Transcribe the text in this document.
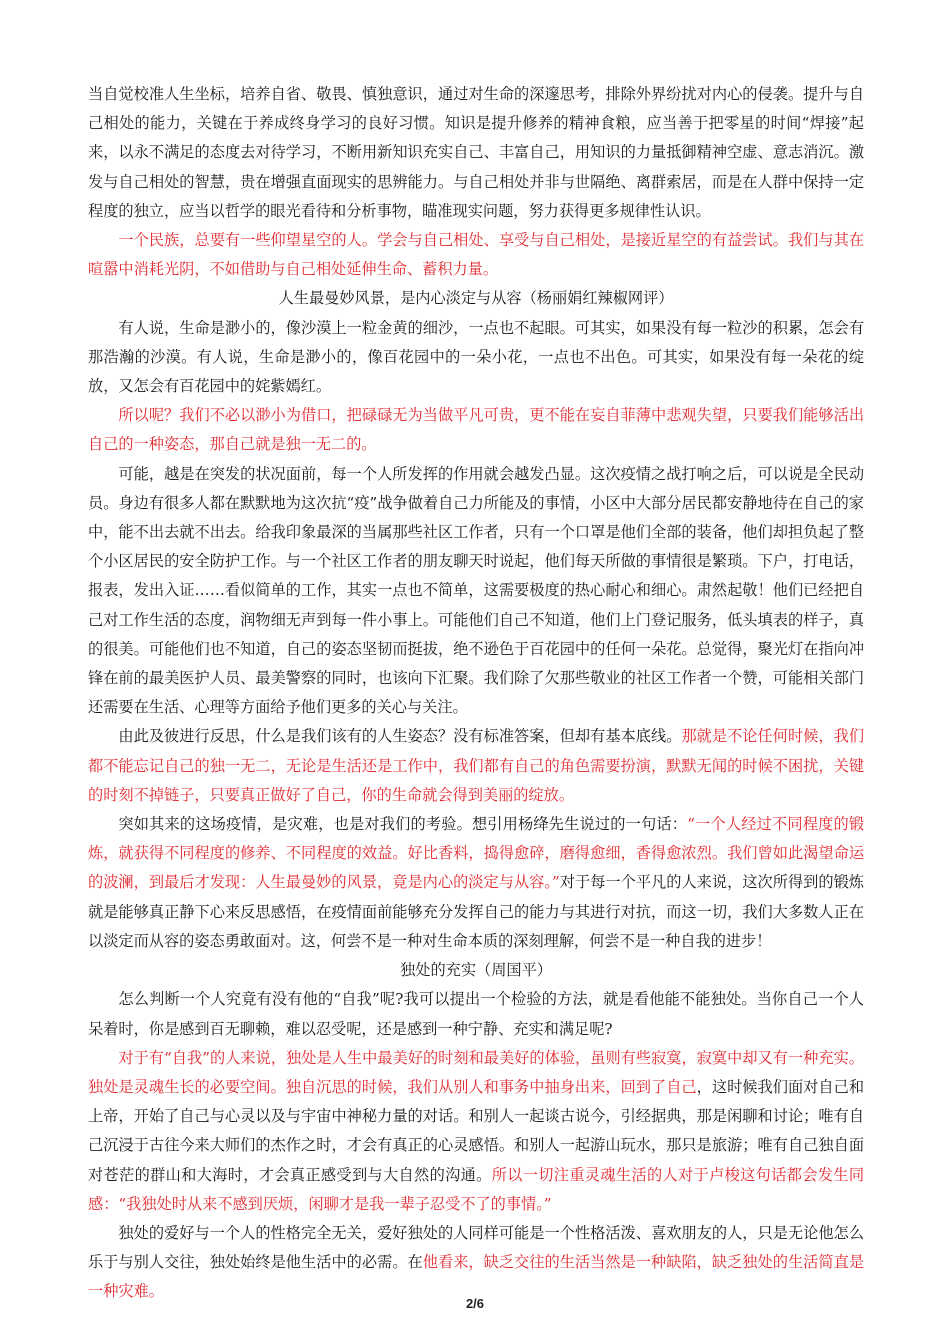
当自觉校准人生坐标，培养自省、敬畏、慎独意识，通过对生命的深邃思考，排除外界纷扰对内心的侵袭。提升与自己相处的能力，关键在于养成终身学习的良好习惯。知识是提升修养的精神食粮，应当善于把零星的时间“焊接”起来，以永不满足的态度去对待学习，不断用新知识充实自己、丰富自己，用知识的力量抵御精神空虚、意志消沉。激发与自己相处的智慧，贵在增强直面现实的思辨能力。与自己相处并非与世隔绝、离群索居，而是在人群中保持一定程度的独立，应当以哲学的眼光看待和分析事物，瞄准现实问题，努力获得更多规律性认识。

一个民族，总要有一些仰望星空的人。学会与自己相处、享受与自己相处，是接近星空的有益尝试。我们与其在喧嚣中消耗光阴，不如借助与自己相处延伸生命、蓄积力量。

人生最曼妙风景，是内心淡定与从容（杨丽娟红辣椒网评）

有人说，生命是渺小的，像沙漠上一粒金黄的细沙，一点也不起眼。可其实，如果没有每一粒沙的积累，怎会有那浩瀚的沙漠。有人说，生命是渺小的，像百花园中的一朵小花，一点也不出色。可其实，如果没有每一朵花的绽放，又怎会有百花园中的姹紫嫣红。

所以呢？我们不必以渺小为借口，把碌碌无为当做平凡可贵，更不能在妄自菲薄中悲观失望，只要我们能够活出自己的一种姿态，那自己就是独一无二的。

可能，越是在突发的状况面前，每一个人所发挥的作用就会越发凸显。这次疫情之战打响之后，可以说是全民动员。身边有很多人都在默默地为这次抗“疫”战争做着自己力所能及的事情，小区中大部分居民都安静地待在自己的家中，能不出去就不出去。给我印象最深的当属那些社区工作者，只有一个口罩是他们全部的装备，他们却担负起了整个小区居民的安全防护工作。与一个社区工作者的朋友聊天时说起，他们每天所做的事情很是繁琐。下户，打电话，报表，发出入证……看似简单的工作，其实一点也不简单，这需要极度的热心耐心和细心。肃然起敬！他们已经把自己对工作生活的态度，润物细无声到每一件小事上。可能他们自己不知道，他们上门登记服务，低头填表的样子，真的很美。可能他们也不知道，自己的姿态坚韧而挺拔，绝不逊色于百花园中的任何一朵花。总觉得，聚光灯在指向冲锋在前的最美医护人员、最美警察的同时，也该向下汇聚。我们除了欠那些敬业的社区工作者一个赞，可能相关部门还需要在生活、心理等方面给予他们更多的关心与关注。

由此及彼进行反思，什么是我们该有的人生姿态？没有标准答案，但却有基本底线。那就是不论任何时候，我们都不能忘记自己的独一无二，无论是生活还是工作中，我们都有自己的角色需要扮演，默默无闻的时候不困扰，关键的时刻不掉链子，只要真正做好了自己，你的生命就会得到美丽的绽放。

突如其来的这场疫情，是灾难，也是对我们的考验。想引用杨绛先生说过的一句话：“一个人经过不同程度的锻炼，就获得不同程度的修养、不同程度的效益。好比香料，捣得愈碎，磨得愈细，香得愈浓烈。我们曾如此渴望命运的波澜，到最后才发现：人生最曼妙的风景，竟是内心的淡定与从容。”对于每一个平凡的人来说，这次所得到的锻炼就是能够真正静下心来反思感悟，在疫情面前能够充分发挥自己的能力与其进行对抗，而这一切，我们大多数人正在以淡定而从容的姿态勇敢面对。这，何尝不是一种对生命本质的深刻理解，何尝不是一种自我的进步！

独处的充实（周国平）

怎么判断一个人究竟有没有他的“自我”呢?我可以提出一个检验的方法，就是看他能不能独处。当你自己一个人呆着时，你是感到百无聊赖，难以忍受呢，还是感到一种宁静、充实和满足呢?

对于有“自我”的人来说，独处是人生中最美好的时刻和最美好的体验，虽则有些寂寞，寂寞中却又有一种充实。独处是灵魂生长的必要空间。独自沉思的时候，我们从别人和事务中抽身出来，回到了自己，这时候我们面对自己和上帝，开始了自己与心灵以及与宇宙中神秘力量的对话。和别人一起谈古说今，引经据典，那是闲聊和讨论；唯有自己沉浸于古往今来大师们的杰作之时，才会有真正的心灵感悟。和别人一起游山玩水，那只是旅游；唯有自己独自面对苍茫的群山和大海时，才会真正感受到与大自然的沟通。所以一切注重灵魂生活的人对于卢梭这句话都会发生同感：“我独处时从来不感到厌烦，闲聊才是我一辈子忍受不了的事情。”

独处的爱好与一个人的性格完全无关，爱好独处的人同样可能是一个性格活泼、喜欢朋友的人，只是无论他怎么乐于与别人交往，独处始终是他生活中的必需。在他看来，缺乏交往的生活当然是一种缺陷，缺乏独处的生活简直是一种灾难。

2/6
